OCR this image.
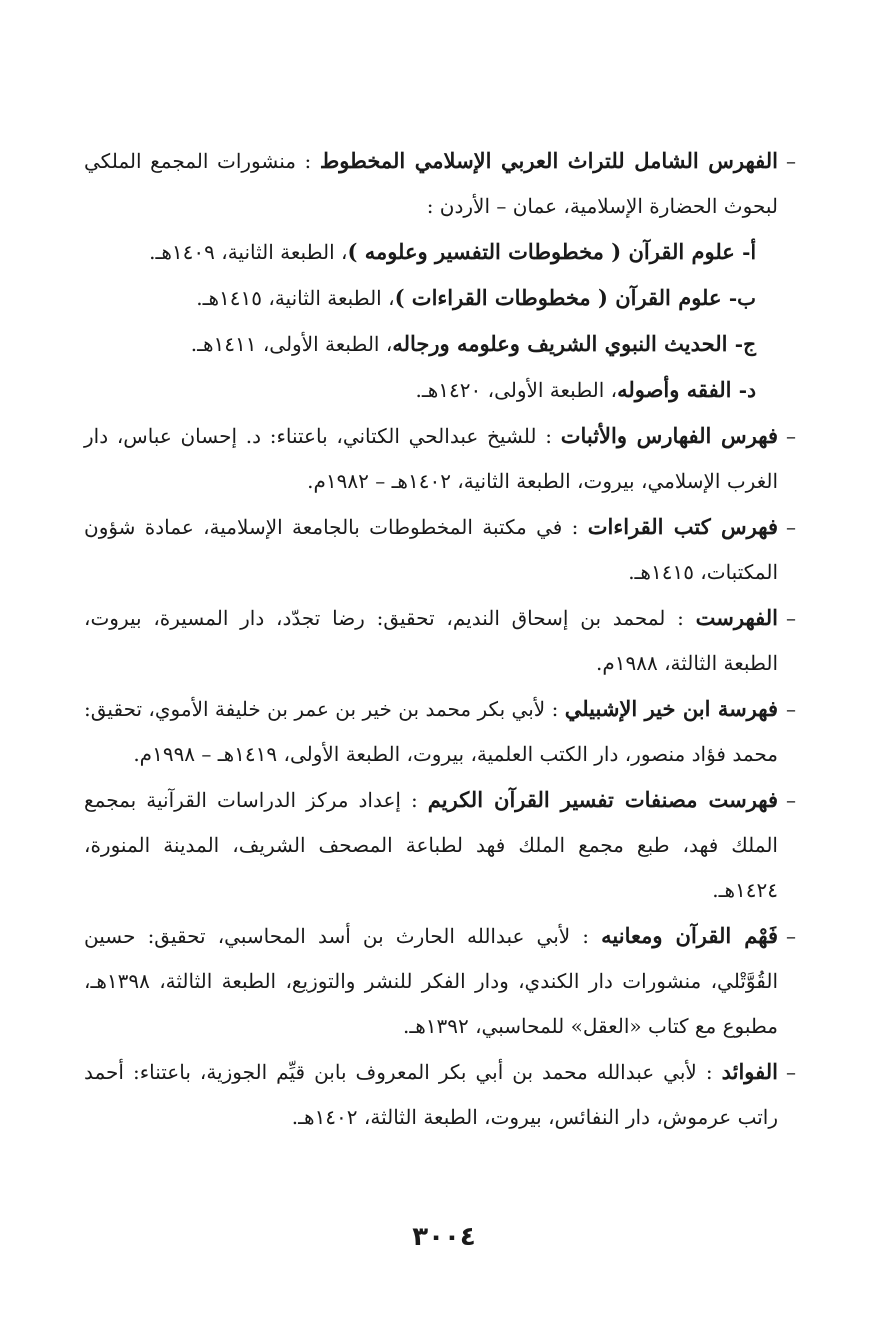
–الفهرس الشامل للتراث العربي الإسلامي المخطوط : منشورات المجمع الملكي لبحوث الحضارة الإسلامية، عمان – الأردن :

أ- علوم القرآن ( مخطوطات التفسير وعلومه )، الطبعة الثانية، ١٤٠٩هـ.

ب- علوم القرآن ( مخطوطات القراءات )، الطبعة الثانية، ١٤١٥هـ.

ج- الحديث النبوي الشريف وعلومه ورجاله، الطبعة الأولى، ١٤١١هـ.

د- الفقه وأصوله، الطبعة الأولى، ١٤٢٠هـ.

–فهرس الفهارس والأثبات : للشيخ عبدالحي الكتاني، باعتناء: د. إحسان عباس، دار الغرب الإسلامي، بيروت، الطبعة الثانية، ١٤٠٢هـ – ١٩٨٢م.

–فهرس كتب القراءات : في مكتبة المخطوطات بالجامعة الإسلامية، عمادة شؤون المكتبات، ١٤١٥هـ.

–الفهرست : لمحمد بن إسحاق النديم، تحقيق: رضا تجدّد، دار المسيرة، بيروت، الطبعة الثالثة، ١٩٨٨م.

–فهرسة ابن خير الإشبيلي : لأبي بكر محمد بن خير بن عمر بن خليفة الأموي، تحقيق: محمد فؤاد منصور، دار الكتب العلمية، بيروت، الطبعة الأولى، ١٤١٩هـ – ١٩٩٨م.

–فهرست مصنفات تفسير القرآن الكريم : إعداد مركز الدراسات القرآنية بمجمع الملك فهد، طبع مجمع الملك فهد لطباعة المصحف الشريف، المدينة المنورة، ١٤٢٤هـ.

–فَهْم القرآن ومعانيه : لأبي عبدالله الحارث بن أسد المحاسبي، تحقيق: حسين القُوَّتْلي، منشورات دار الكندي، ودار الفكر للنشر والتوزيع، الطبعة الثالثة، ١٣٩٨هـ، مطبوع مع كتاب «العقل» للمحاسبي، ١٣٩٢هـ.

–الفوائد : لأبي عبدالله محمد بن أبي بكر المعروف بابن قيِّم الجوزية، باعتناء: أحمد راتب عرموش، دار النفائس، بيروت، الطبعة الثالثة، ١٤٠٢هـ.

٣٠٠٤
